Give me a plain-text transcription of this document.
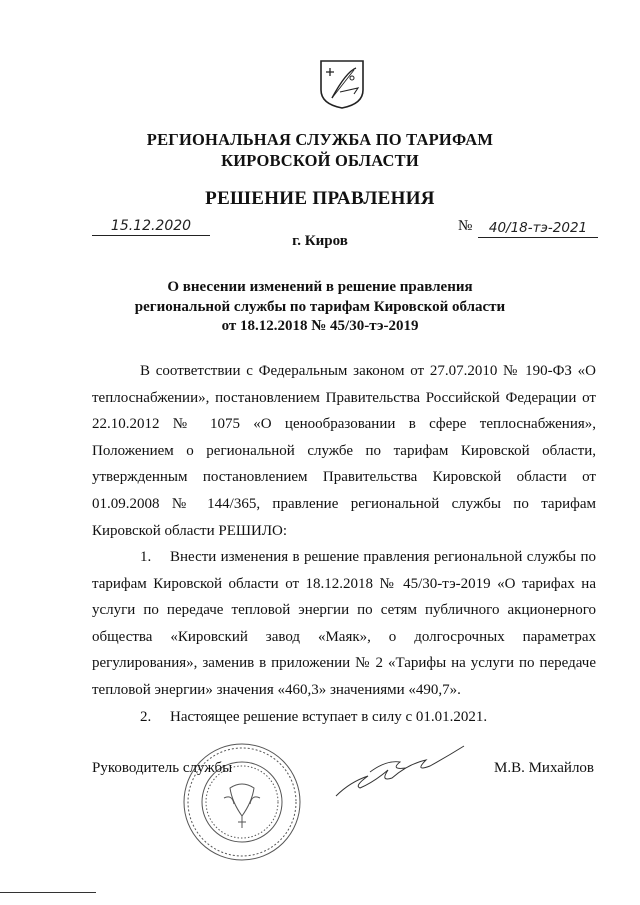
РЕГИОНАЛЬНАЯ СЛУЖБА ПО ТАРИФАМ
КИРОВСКОЙ ОБЛАСТИ
РЕШЕНИЕ ПРАВЛЕНИЯ
15.12.2020	№	40/18-тэ-2021
г. Киров
О внесении изменений в решение правления
региональной службы по тарифам Кировской области
от 18.12.2018 № 45/30-тэ-2019
В соответствии с Федеральным законом от 27.07.2010 № 190-ФЗ «О теплоснабжении», постановлением Правительства Российской Федерации от 22.10.2012 № 1075 «О ценообразовании в сфере теплоснабжения», Положением о региональной службе по тарифам Кировской области, утвержденным постановлением Правительства Кировской области от 01.09.2008 № 144/365, правление региональной службы по тарифам Кировской области РЕШИЛО:
1. Внести изменения в решение правления региональной службы по тарифам Кировской области от 18.12.2018 № 45/30-тэ-2019 «О тарифах на услуги по передаче тепловой энергии по сетям публичного акционерного общества «Кировский завод «Маяк», о долгосрочных параметрах регулирования», заменив в приложении № 2 «Тарифы на услуги по передаче тепловой энергии» значения «460,3» значениями «490,7».
2. Настоящее решение вступает в силу с 01.01.2021.
Руководитель службы	М.В. Михайлов
